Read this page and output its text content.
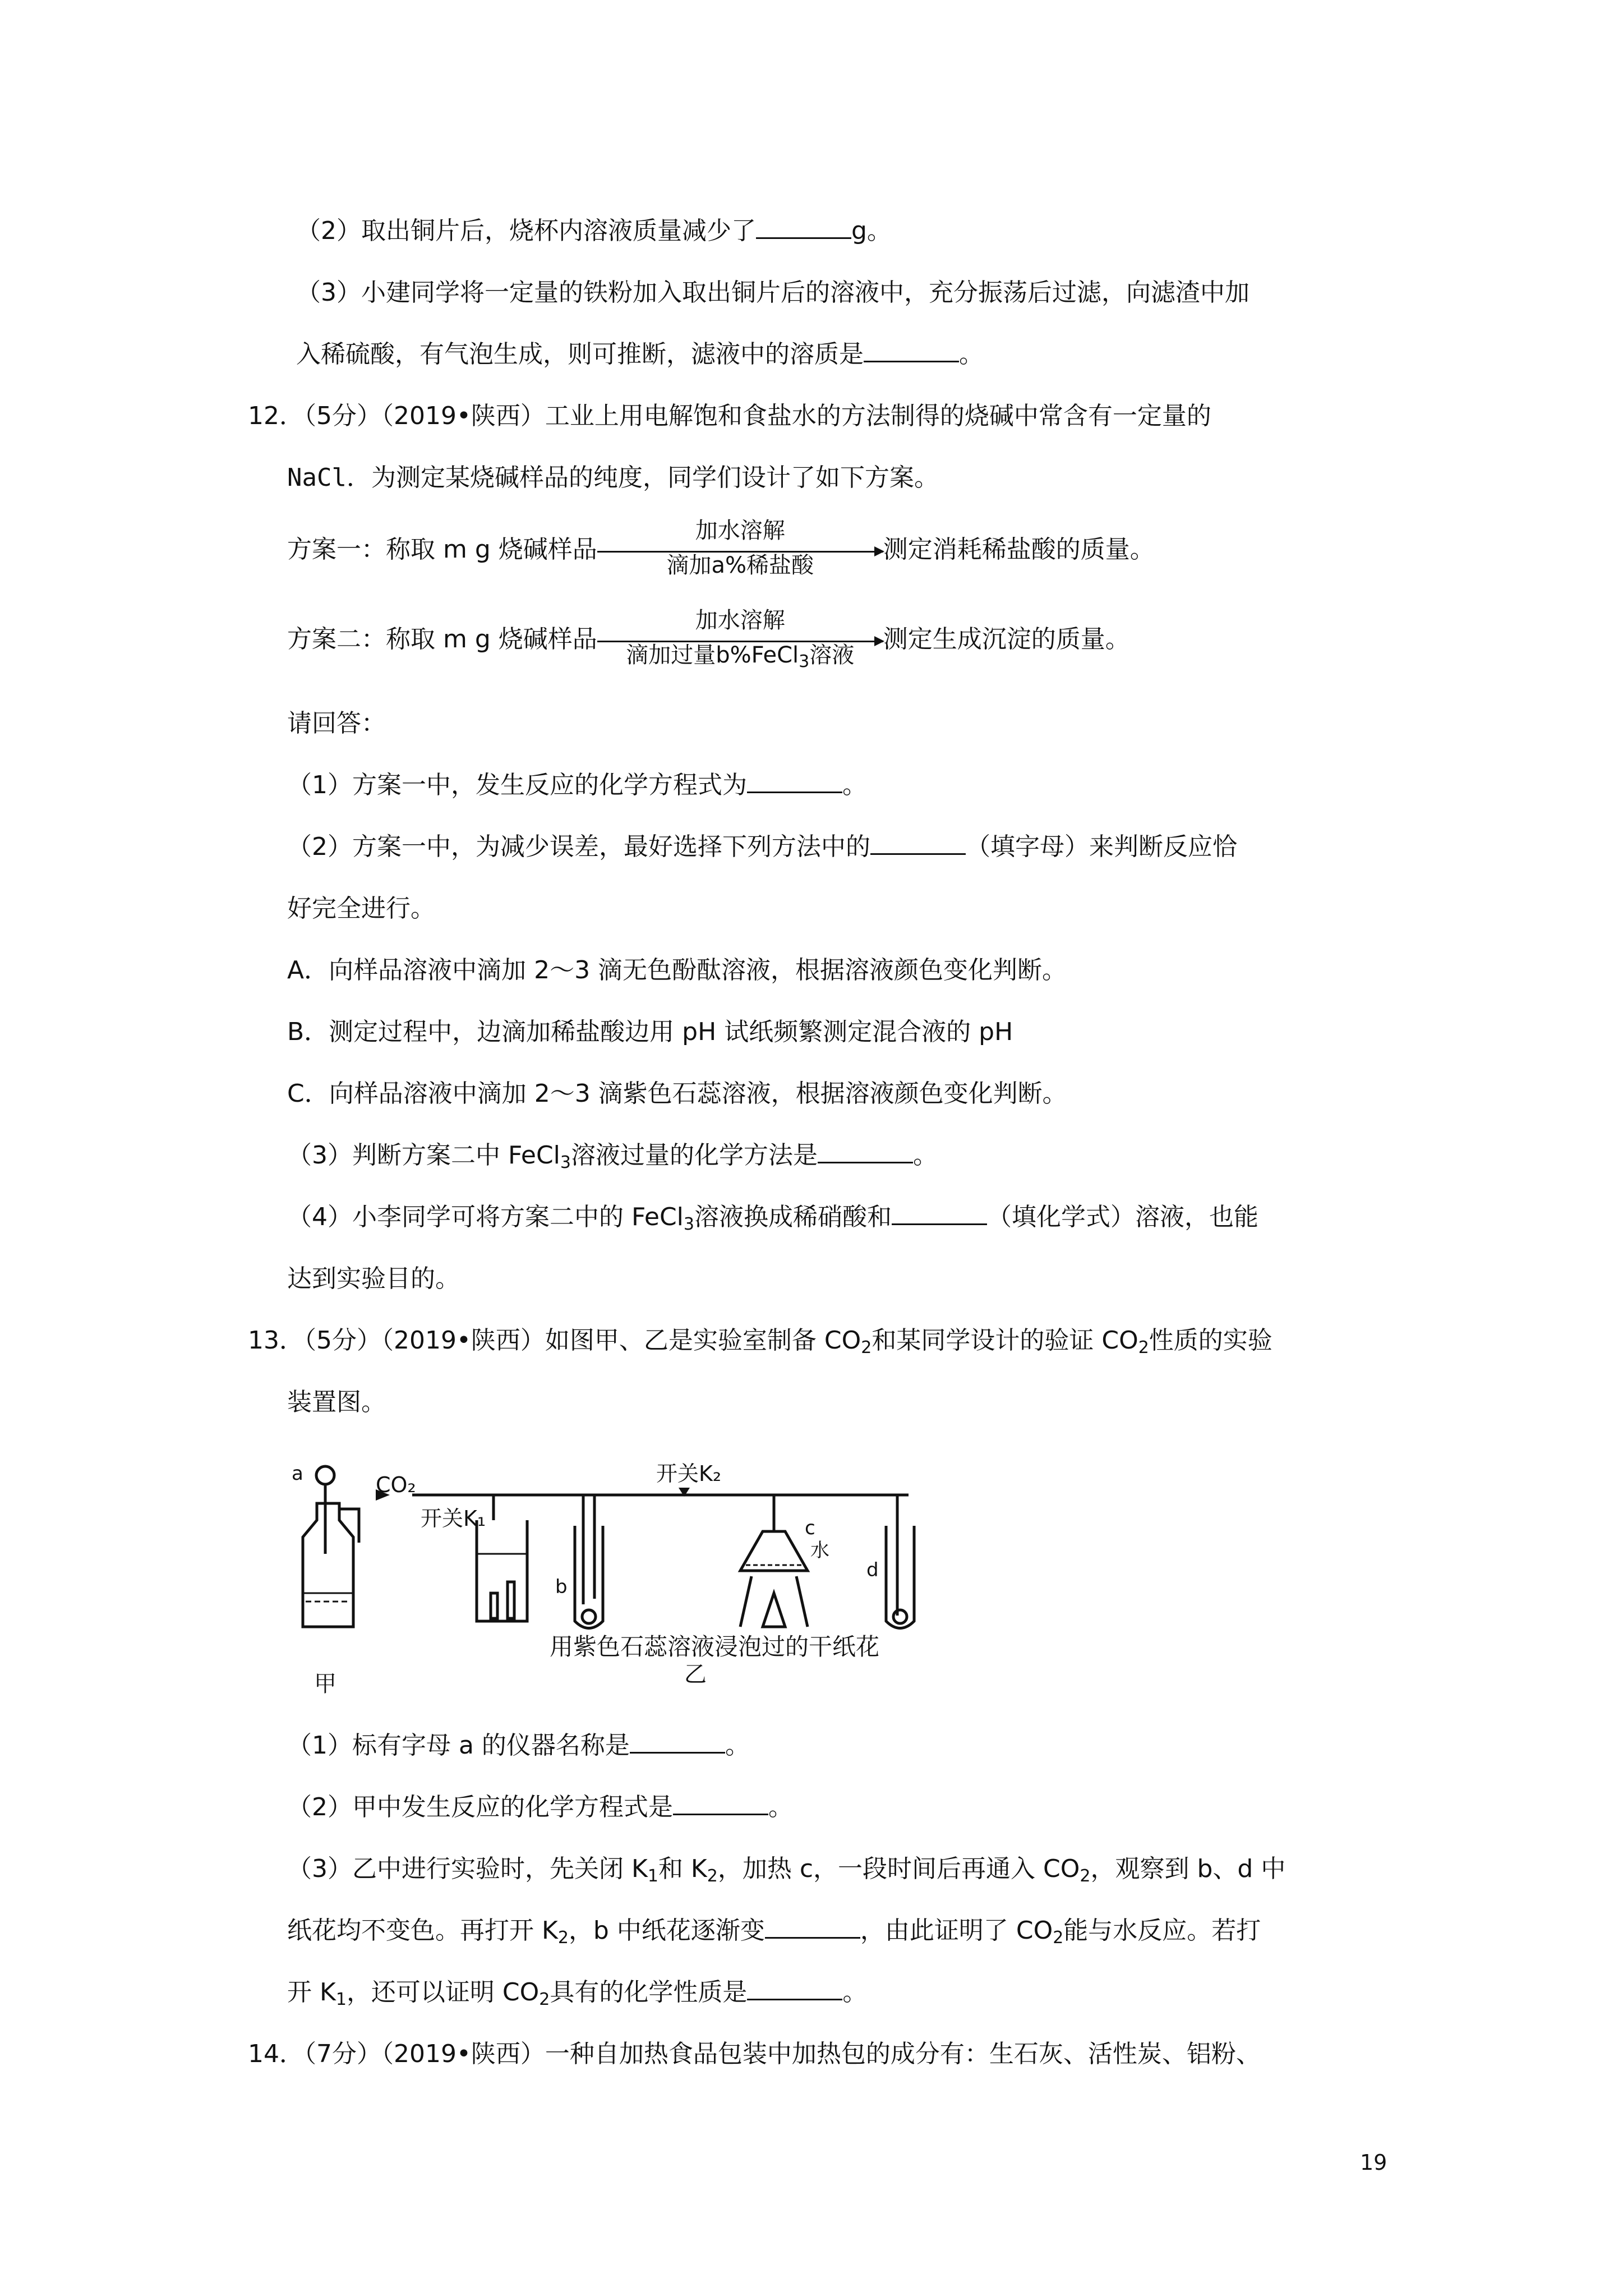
（2）取出铜片后，烧杯内溶液质量减少了	g。
（3）小建同学将一定量的铁粉加入取出铜片后的溶液中，充分振荡后过滤，向滤渣中加
入稀硫酸，有气泡生成，则可推断，滤液中的溶质是	。
12．（5分）（2019•陕西）工业上用电解饱和食盐水的方法制得的烧碱中常含有一定量的
NaCl．为测定某烧碱样品的纯度，同学们设计了如下方案。
方案一：称取 m g 烧碱样品
加水溶解
滴加a%稀盐酸
测定消耗稀盐酸的质量。
方案二：称取 m g 烧碱样品
加水溶解
滴加过量b%FeCl$_3$溶液
测定生成沉淀的质量。
请回答：
（1）方案一中，发生反应的化学方程式为	。
（2）方案一中，为减少误差，最好选择下列方法中的	（填字母）来判断反应恰
好完全进行。
A．向样品溶液中滴加 2～3 滴无色酚酞溶液，根据溶液颜色变化判断。
B．测定过程中，边滴加稀盐酸边用 pH 试纸频繁测定混合液的 pH
C．向样品溶液中滴加 2～3 滴紫色石蕊溶液，根据溶液颜色变化判断。
（3）判断方案二中 FeCl$_3$溶液过量的化学方法是	。
（4）小李同学可将方案二中的 FeCl$_3$溶液换成稀硝酸和	（填化学式）溶液，也能
达到实验目的。
13．（5分）（2019•陕西）如图甲、乙是实验室制备 $CO_2$和某同学设计的验证 $CO_2$性质的实验
装置图。
a	CO₂
开关K₁
开关K₂
b
c
水
d
用紫色石蕊溶液浸泡过的干纸花
乙
甲
（1）标有字母 a 的仪器名称是	。
（2）甲中发生反应的化学方程式是	。
（3）乙中进行实验时，先关闭 $K_1$和 $K_2$，加热 c，一段时间后再通入 $CO_2$，观察到 b、d 中
纸花均不变色。再打开 $K_2$，b 中纸花逐渐变	，由此证明了 $CO_2$能与水反应。若打
开 $K_1$，还可以证明 $CO_2$具有的化学性质是	。
14．（7分）（2019•陕西）一种自加热食品包装中加热包的成分有：生石灰、活性炭、铝粉、
19
